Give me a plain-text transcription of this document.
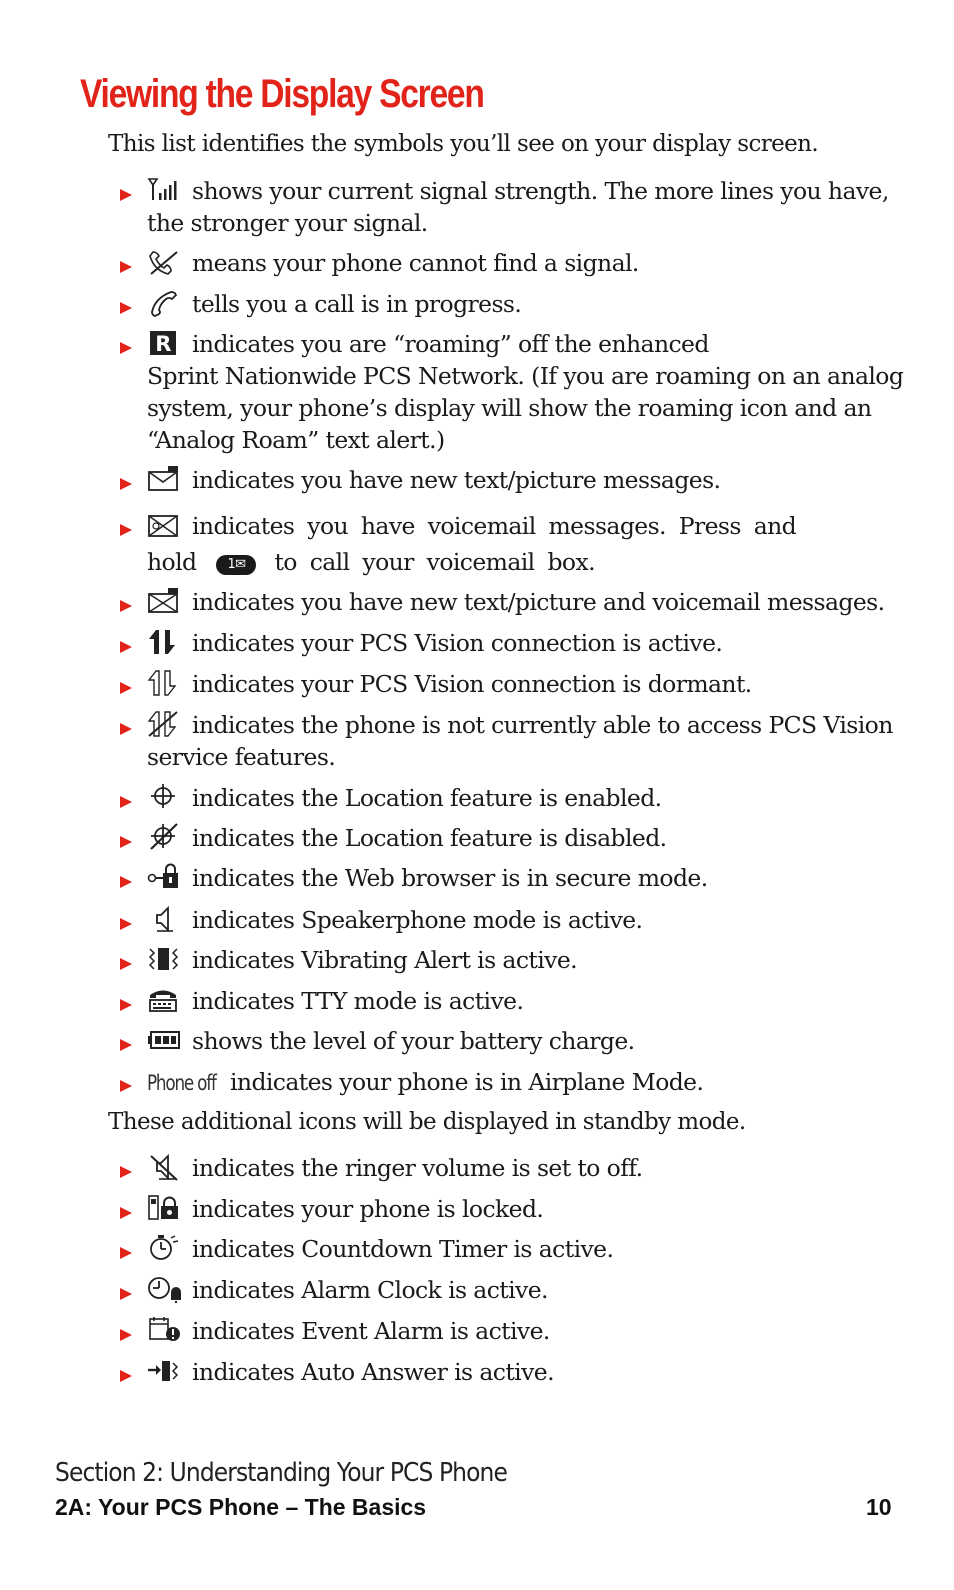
Viewing the Display Screen

This list identifies the symbols you’ll see on your display screen.

shows your current signal strength. The more lines you have,
the stronger your signal.
means your phone cannot find a signal.
tells you a call is in progress.
R indicates you are “roaming” off the enhanced
Sprint Nationwide PCS Network. (If you are roaming on an analog
system, your phone’s display will show the roaming icon and an
“Analog Roam” text alert.)
indicates you have new text/picture messages.
indicates you have voicemail messages. Press and
hold 1✉ to call your voicemail box.
indicates you have new text/picture and voicemail messages.
indicates your PCS Vision connection is active.
indicates your PCS Vision connection is dormant.
indicates the phone is not currently able to access PCS Vision
service features.
indicates the Location feature is enabled.
indicates the Location feature is disabled.
indicates the Web browser is in secure mode.
indicates Speakerphone mode is active.
indicates Vibrating Alert is active.
indicates TTY mode is active.
shows the level of your battery charge.
Phone off indicates your phone is in Airplane Mode.
indicates the ringer volume is set to off.
indicates your phone is locked.
indicates Countdown Timer is active.
indicates Alarm Clock is active.
indicates Event Alarm is active.
indicates Auto Answer is active.

These additional icons will be displayed in standby mode.

Section 2: Understanding Your PCS Phone
2A: Your PCS Phone – The Basics	10
